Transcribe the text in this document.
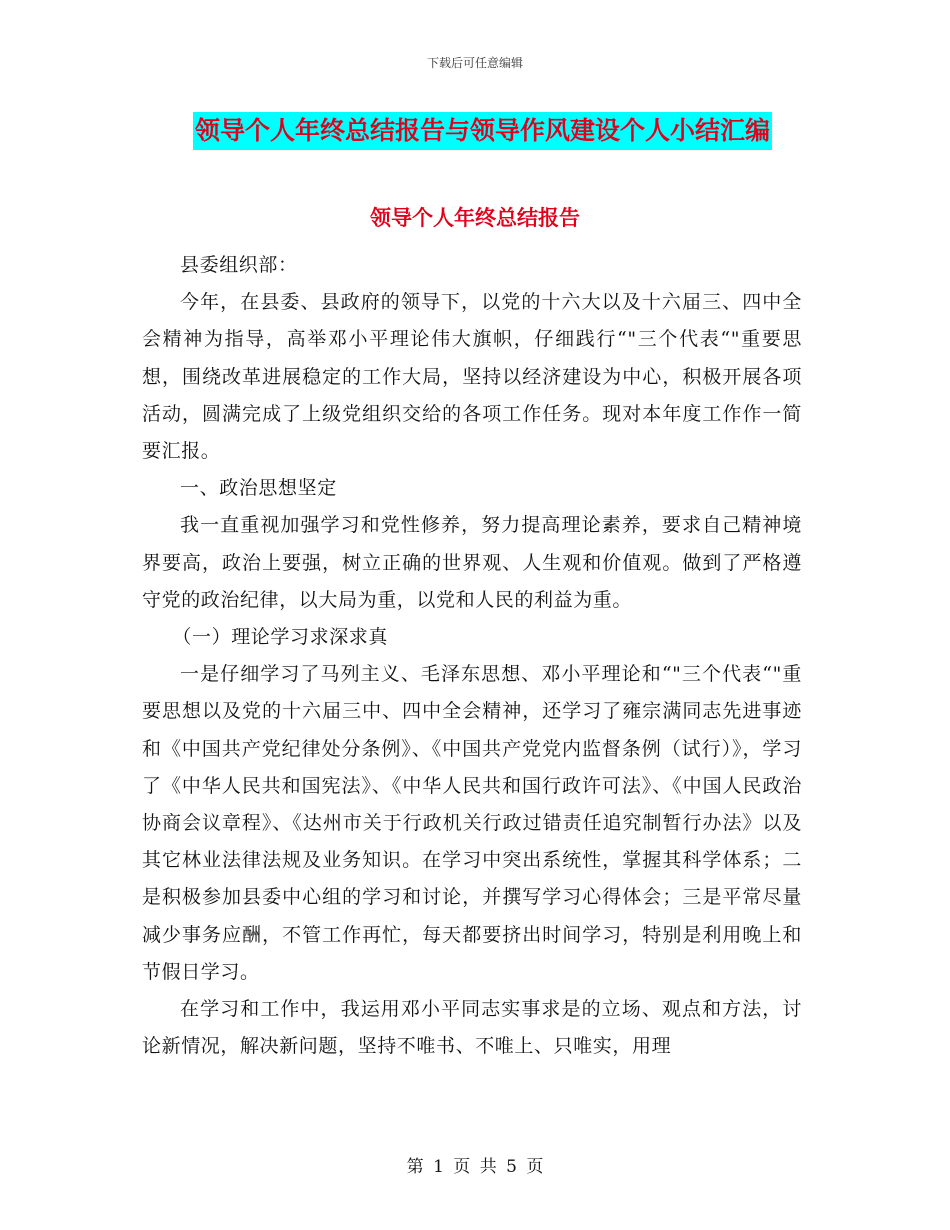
下载后可任意编辑
领导个人年终总结报告与领导作风建设个人小结汇编
领导个人年终总结报告

县委组织部：

今年，在县委、县政府的领导下，以党的十六大以及十六届三、四中全会精神为指导，高举邓小平理论伟大旗帜，仔细践行“"三个代表“"重要思想，围绕改革进展稳定的工作大局，坚持以经济建设为中心，积极开展各项活动，圆满完成了上级党组织交给的各项工作任务。现对本年度工作作一简要汇报。

一、政治思想坚定

我一直重视加强学习和党性修养，努力提高理论素养，要求自己精神境界要高，政治上要强，树立正确的世界观、人生观和价值观。做到了严格遵守党的政治纪律，以大局为重，以党和人民的利益为重。

（一）理论学习求深求真

一是仔细学习了马列主义、毛泽东思想、邓小平理论和“"三个代表“"重要思想以及党的十六届三中、四中全会精神，还学习了雍宗满同志先进事迹和《中国共产党纪律处分条例》、《中国共产党党内监督条例（试行）》，学习了《中华人民共和国宪法》、《中华人民共和国行政许可法》、《中国人民政治协商会议章程》、《达州市关于行政机关行政过错责任追究制暂行办法》以及其它林业法律法规及业务知识。在学习中突出系统性，掌握其科学体系；二是积极参加县委中心组的学习和讨论，并撰写学习心得体会；三是平常尽量减少事务应酬，不管工作再忙，每天都要挤出时间学习，特别是利用晚上和节假日学习。

在学习和工作中，我运用邓小平同志实事求是的立场、观点和方法，讨论新情况，解决新问题，坚持不唯书、不唯上、只唯实，用理

第 1 页 共 5 页
